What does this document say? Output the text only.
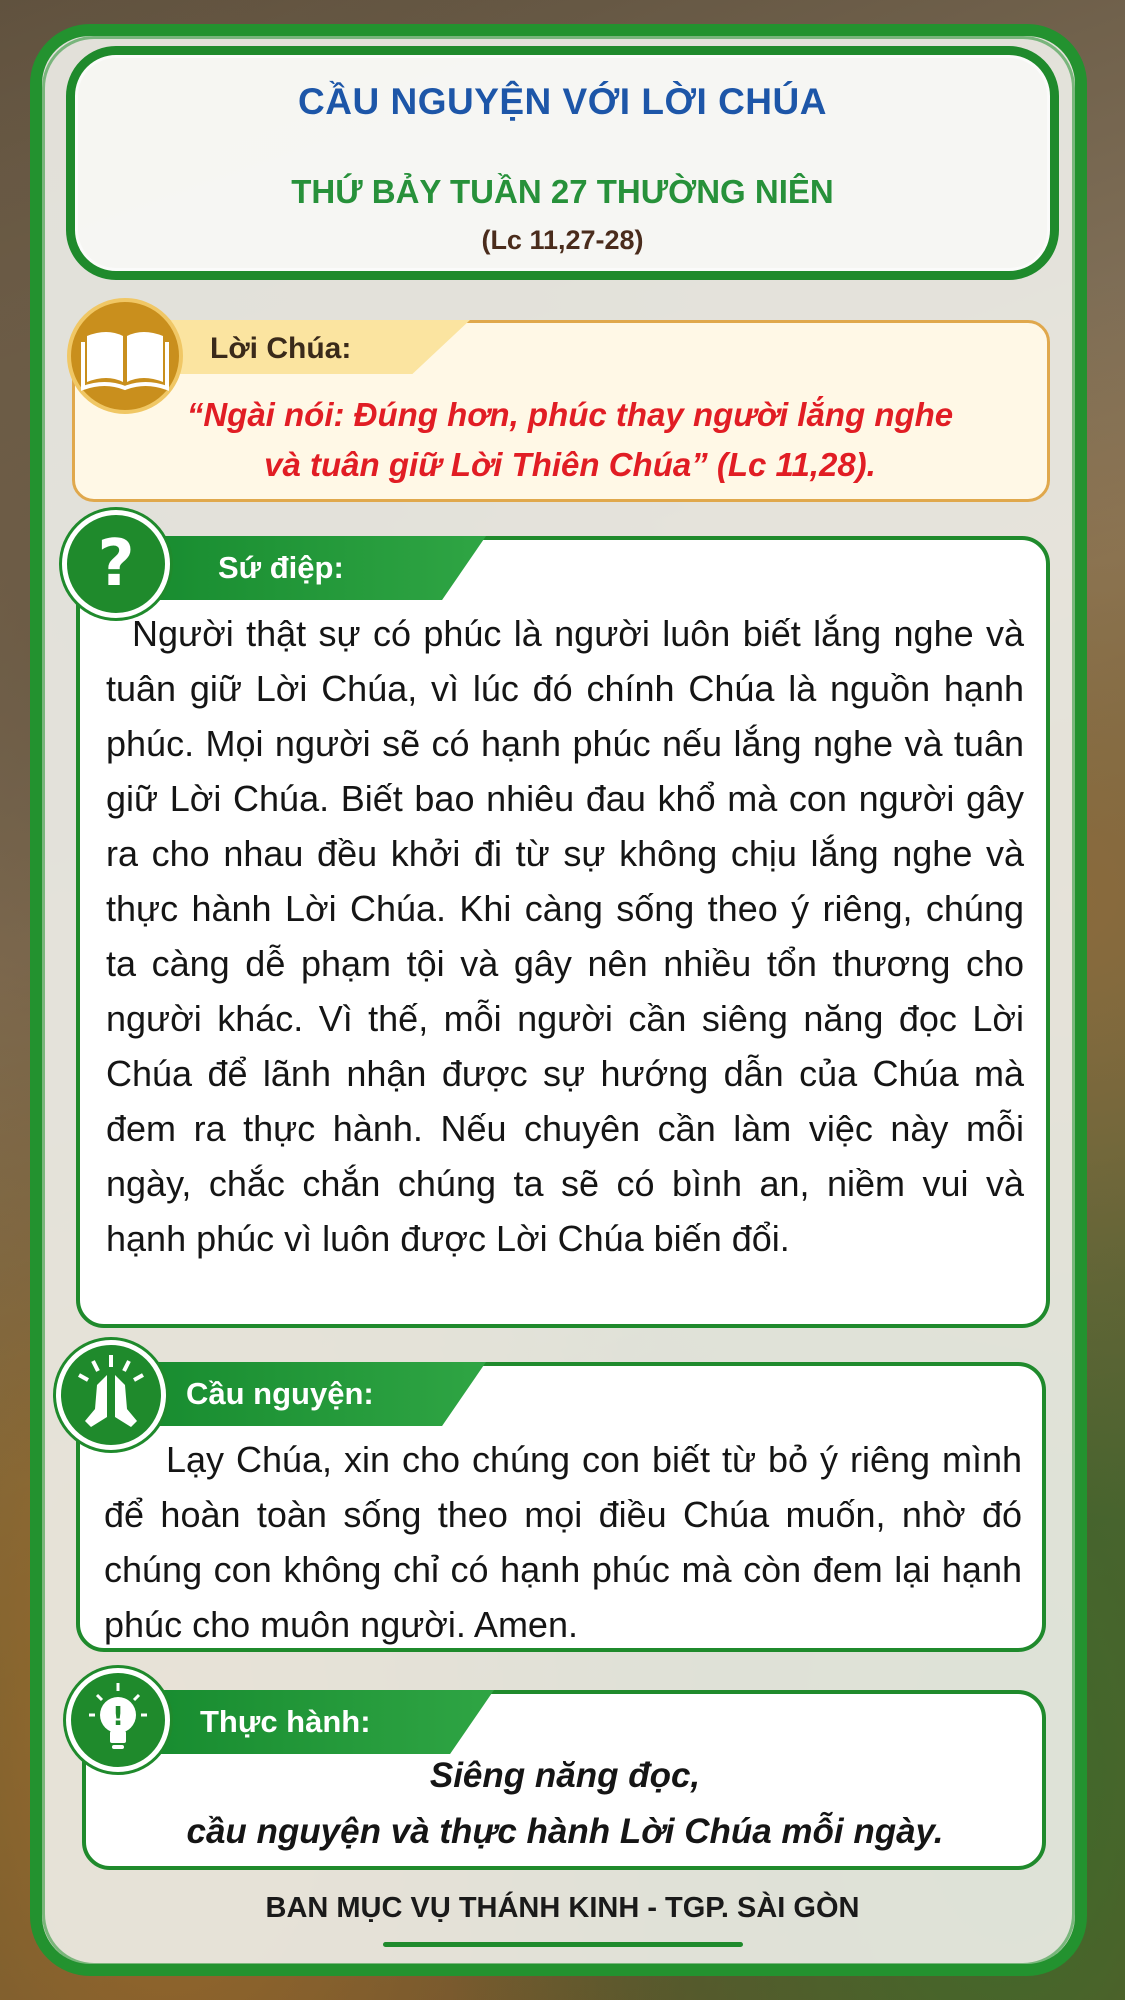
CẦU NGUYỆN VỚI LỜI CHÚA
THỨ BẢY TUẦN 27 THƯỜNG NIÊN
(Lc 11,27-28)
Lời Chúa:
“Ngài nói: Đúng hơn, phúc thay người lắng nghe
và tuân giữ Lời Thiên Chúa” (Lc 11,28).
Sứ điệp:
?
Người thật sự có phúc là người luôn biết lắng nghe và tuân giữ Lời Chúa, vì lúc đó chính Chúa là nguồn hạnh phúc. Mọi người sẽ có hạnh phúc nếu lắng nghe và tuân giữ Lời Chúa. Biết bao nhiêu đau khổ mà con người gây ra cho nhau đều khởi đi từ sự không chịu lắng nghe và thực hành Lời Chúa. Khi càng sống theo ý riêng, chúng ta càng dễ phạm tội và gây nên nhiều tổn thương cho người khác. Vì thế, mỗi người cần siêng năng đọc Lời Chúa để lãnh nhận được sự hướng dẫn của Chúa mà đem ra thực hành. Nếu chuyên cần làm việc này mỗi ngày, chắc chắn chúng ta sẽ có bình an, niềm vui và hạnh phúc vì luôn được Lời Chúa biến đổi.
Cầu nguyện:
Lạy Chúa, xin cho chúng con biết từ bỏ ý riêng mình để hoàn toàn sống theo mọi điều Chúa muốn, nhờ đó chúng con không chỉ có hạnh phúc mà còn đem lại hạnh phúc cho muôn người. Amen.
Thực hành:
!
Siêng năng đọc,
cầu nguyện và thực hành Lời Chúa mỗi ngày.
BAN MỤC VỤ THÁNH KINH - TGP. SÀI GÒN
